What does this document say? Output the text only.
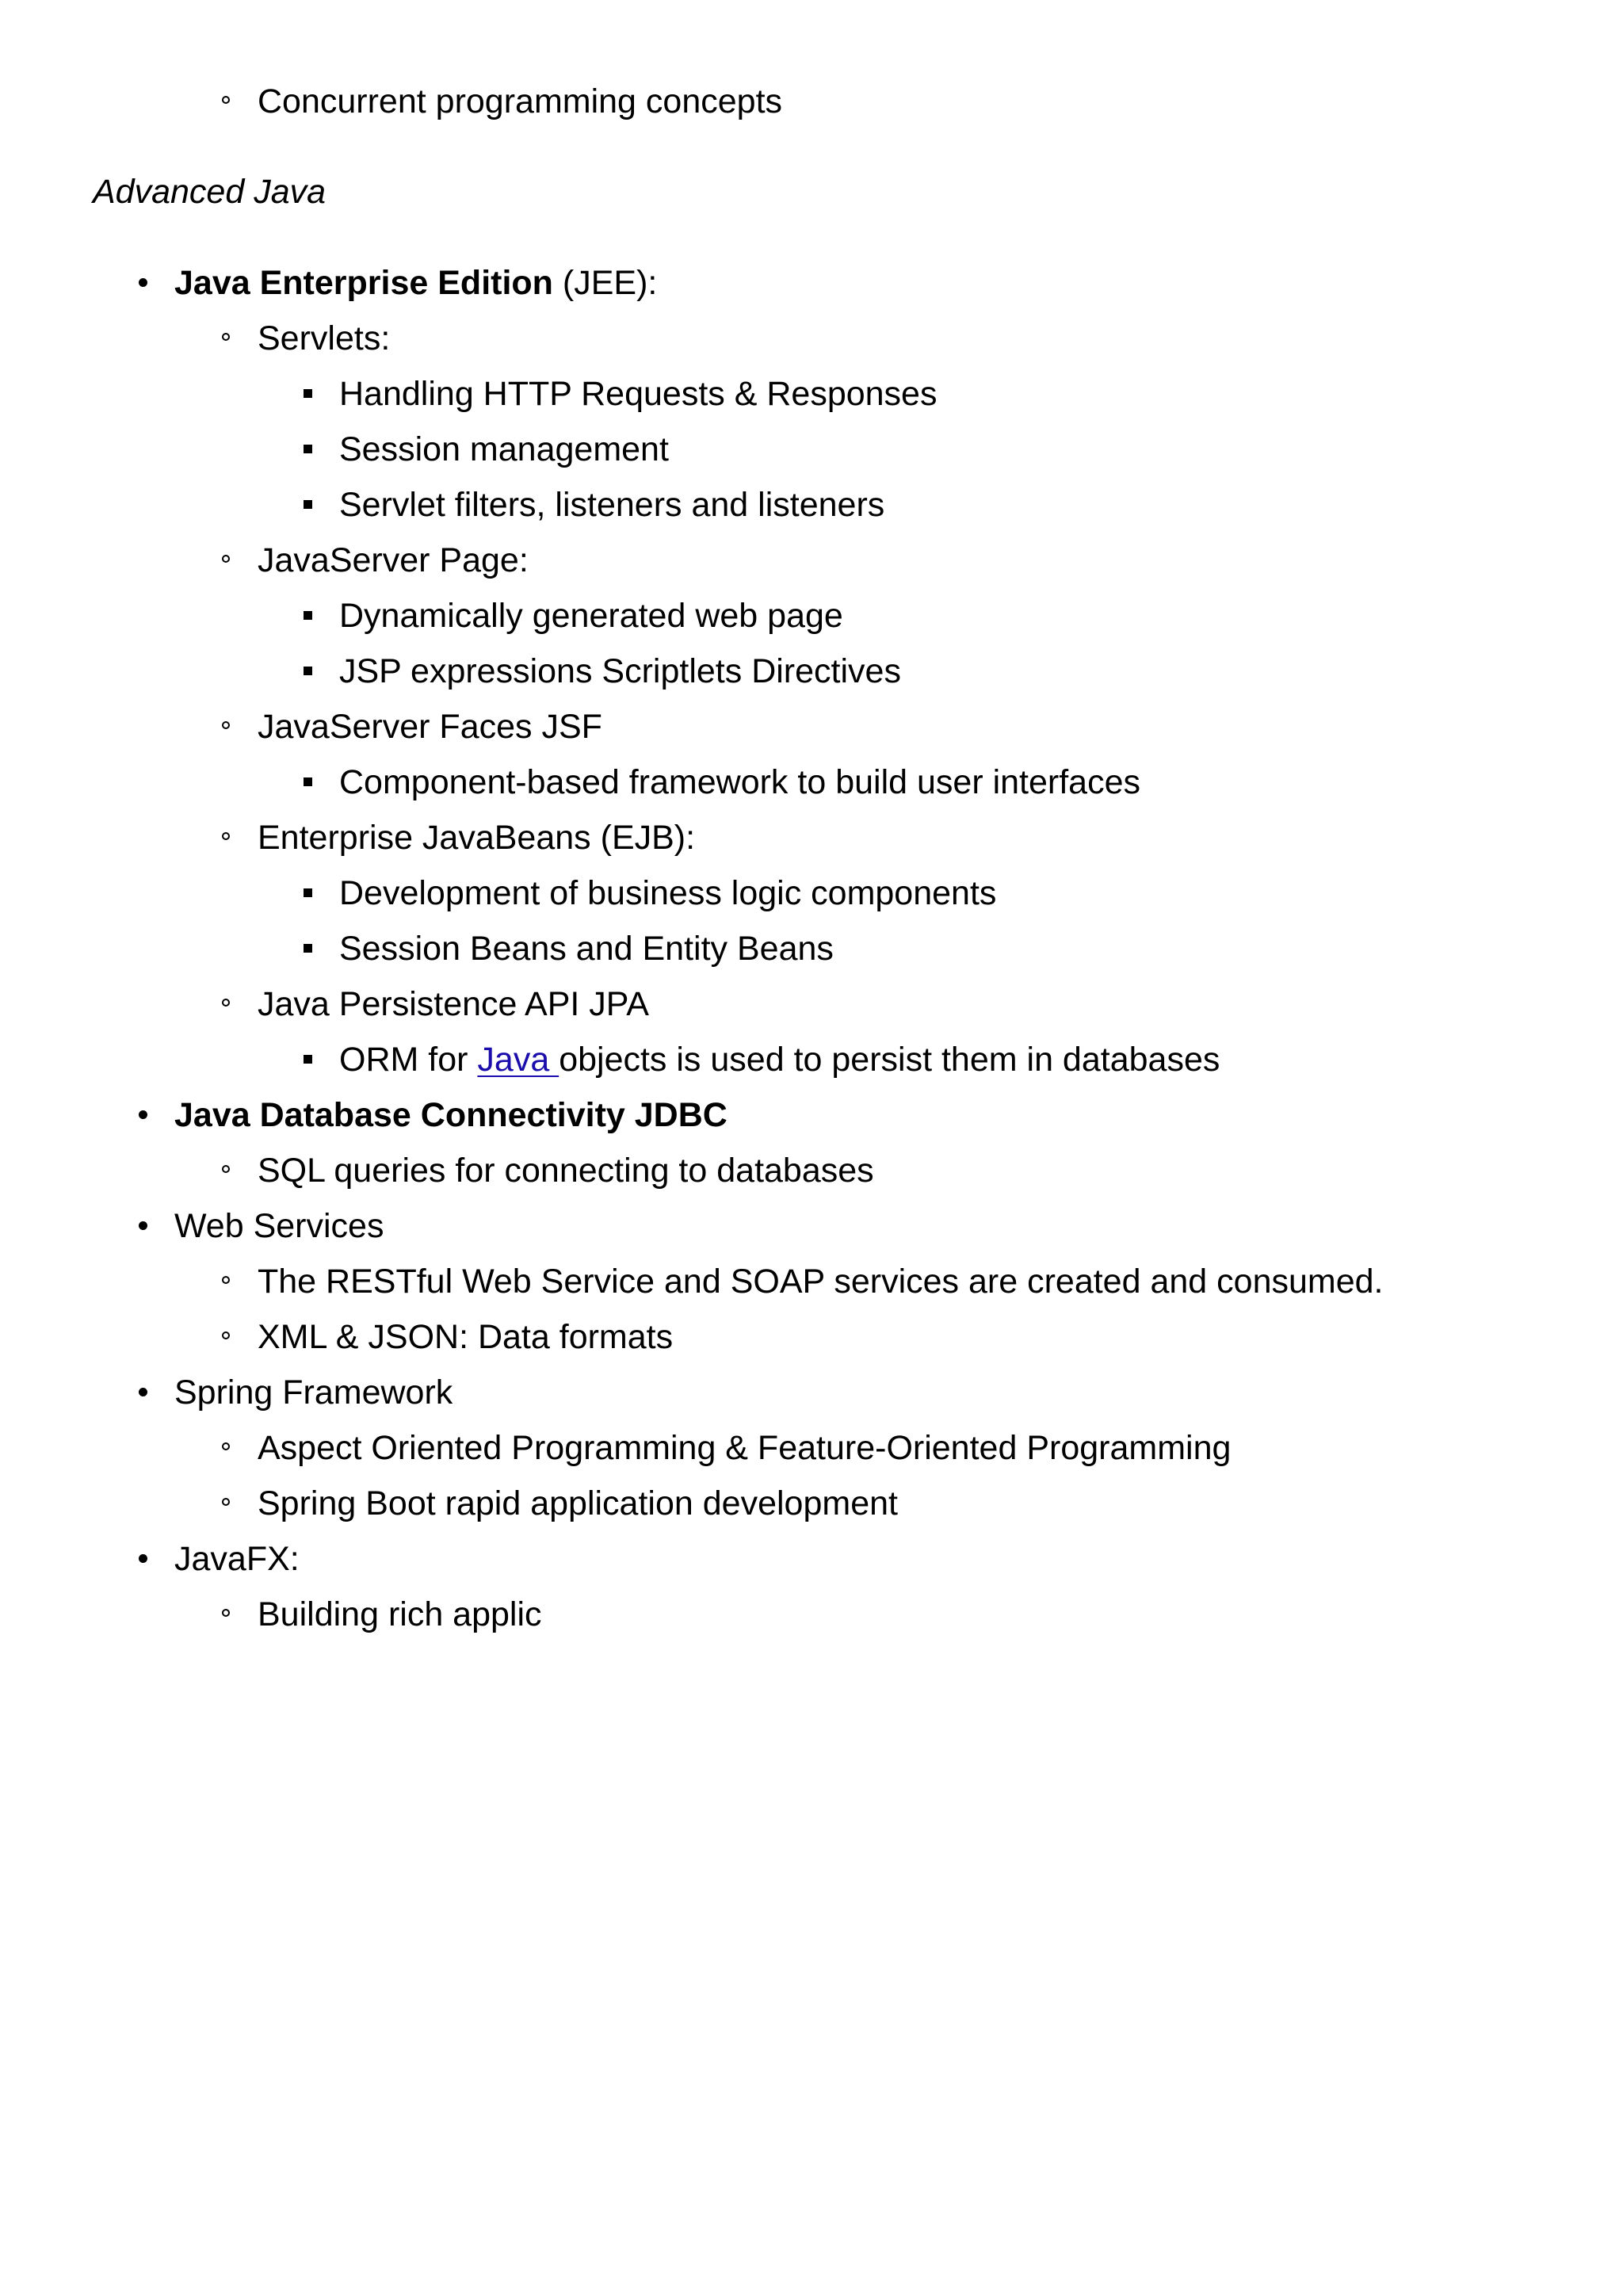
Concurrent programming concepts
Advanced Java
Java Enterprise Edition (JEE):
Servlets:
Handling HTTP Requests & Responses
Session management
Servlet filters, listeners and listeners
JavaServer Page:
Dynamically generated web page
JSP expressions Scriptlets Directives
JavaServer Faces JSF
Component-based framework to build user interfaces
Enterprise JavaBeans (EJB):
Development of business logic components
Session Beans and Entity Beans
Java Persistence API JPA
ORM for Java objects is used to persist them in databases
Java Database Connectivity JDBC
SQL queries for connecting to databases
Web Services
The RESTful Web Service and SOAP services are created and consumed.
XML & JSON: Data formats
Spring Framework
Aspect Oriented Programming & Feature-Oriented Programming
Spring Boot rapid application development
JavaFX:
Building rich applic
